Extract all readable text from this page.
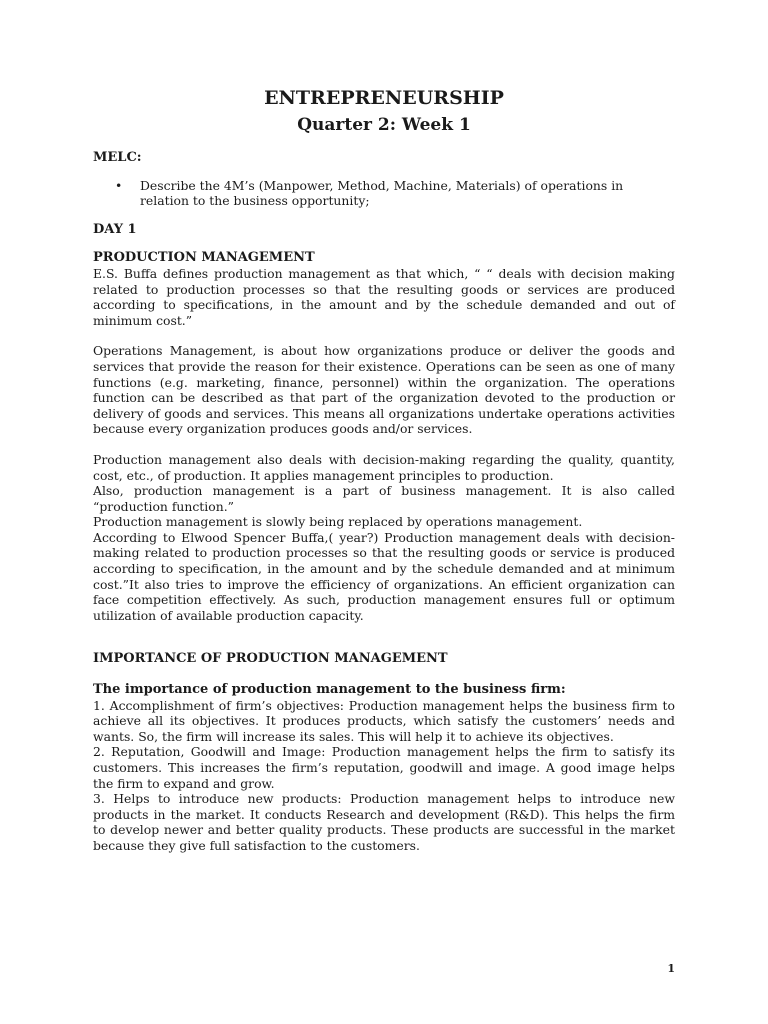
ENTREPRENEURSHIP
Quarter 2: Week 1

MELC:

• Describe the 4M’s (Manpower, Method, Machine, Materials) of operations in relation to the business opportunity;

DAY 1

PRODUCTION MANAGEMENT

E.S. Buffa defines production management as that which, “ “ deals with decision making related to production processes so that the resulting goods or services are produced according to specifications, in the amount and by the schedule demanded and out of minimum cost.”

Operations Management, is about how organizations produce or deliver the goods and services that provide the reason for their existence. Operations can be seen as one of many functions (e.g. marketing, finance, personnel) within the organization. The operations function can be described as that part of the organization devoted to the production or delivery of goods and services. This means all organizations undertake operations activities because every organization produces goods and/or services.

Production management also deals with decision-making regarding the quality, quantity, cost, etc., of production. It applies management principles to production.

Also, production management is a part of business management. It is also called “production function.”

Production management is slowly being replaced by operations management.

According to Elwood Spencer Buffa,( year?) Production management deals with decision-making related to production processes so that the resulting goods or service is produced according to specification, in the amount and by the schedule demanded and at minimum cost.”It also tries to improve the efficiency of organizations. An efficient organization can face competition effectively. As such, production management ensures full or optimum utilization of available production capacity.

IMPORTANCE OF PRODUCTION MANAGEMENT

The importance of production management to the business firm:

1. Accomplishment of firm’s objectives: Production management helps the business firm to achieve all its objectives. It produces products, which satisfy the customers’ needs and wants. So, the firm will increase its sales. This will help it to achieve its objectives.

2. Reputation, Goodwill and Image: Production management helps the firm to satisfy its customers. This increases the firm’s reputation, goodwill and image. A good image helps the firm to expand and grow.

3. Helps to introduce new products: Production management helps to introduce new products in the market. It conducts Research and development (R&D). This helps the firm to develop newer and better quality products. These products are successful in the market because they give full satisfaction to the customers.

1
